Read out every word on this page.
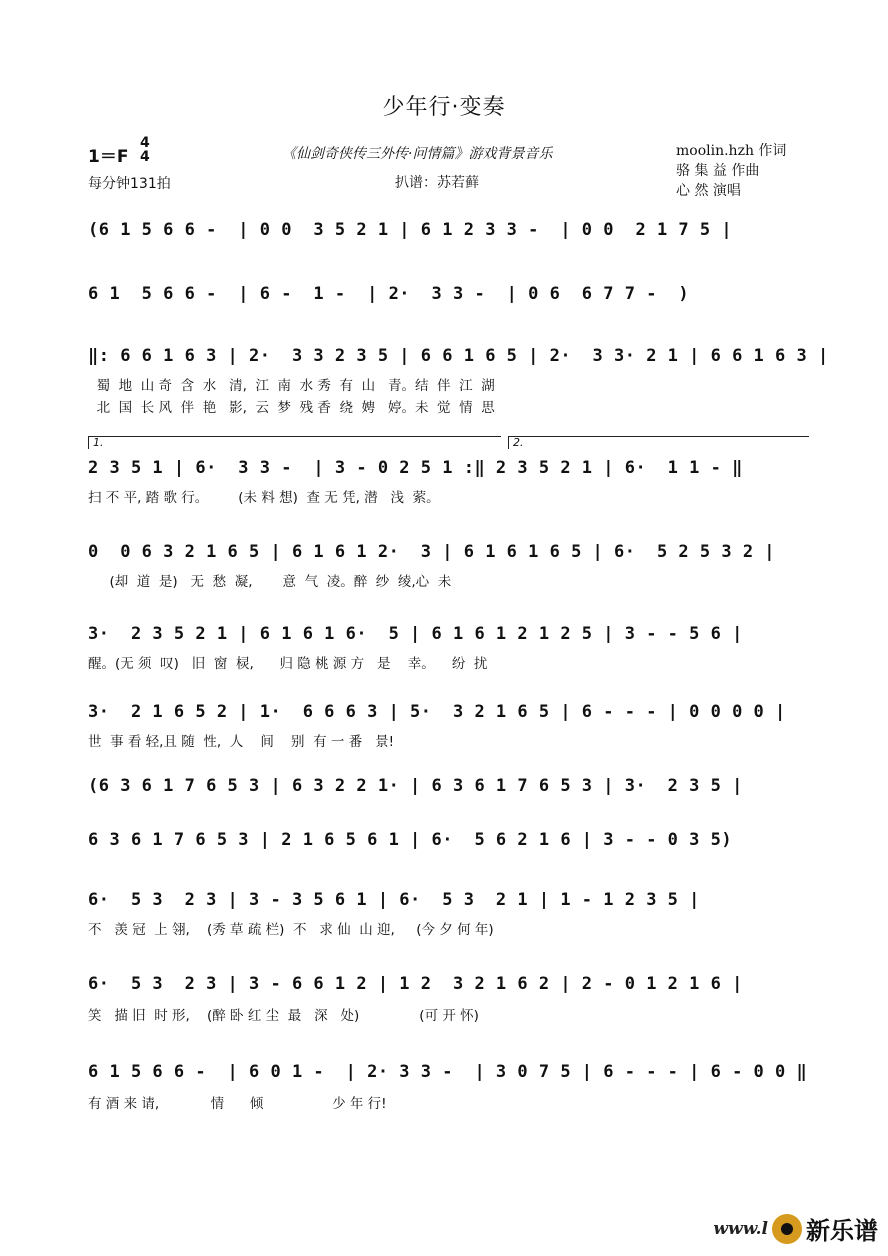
少年行·变奏
1＝F
4
4
每分钟131拍
《仙剑奇侠传三外传·问情篇》游戏背景音乐
扒谱：苏若藓
moolin.hzh 作词
骆 集 益 作曲
心 然 演唱
(6 1 5 6 6 -  | 0 0  3 5 2 1 | 6 1 2 3 3 -  | 0 0  2 1 7 5 |
6 1  5 6 6 -  | 6 -  1 -  | 2·  3 3 -  | 0 6  6 7 7 -  )
‖: 6 6 1 6 3 | 2·  3 3 2 3 5 | 6 6 1 6 5 | 2·  3 3· 2 1 | 6 6 1 6 3 |
蜀  地  山 奇  含  水   清,  江  南  水 秀  有  山   青。结  伴  江  湖
北  国  长 风  伴  艳   影,  云  梦  残 香  绕  娉   婷。未  觉  情  思
1.	2.
2 3 5 1 | 6·  3 3 -  | 3 - 0 2 5 1 :‖ 2 3 5 2 1 | 6·  1 1 - ‖
扫 不 平, 踏 歌 行。       (未 料 想)  查 无 凭, 潜   浅  萦。
0  0 6 3 2 1 6 5 | 6 1 6 1 2·  3 | 6 1 6 1 6 5 | 6·  5 2 5 3 2 |
(却  道  是)   无  愁  凝,       意  气  凌。醉  纱  绫,心  未
3·  2 3 5 2 1 | 6 1 6 1 6·  5 | 6 1 6 1 2 1 2 5 | 3 - - 5 6 |
醒。(无 须  叹)   旧  窗  棂,      归 隐 桃 源 方   是    幸。    纷  扰
3·  2 1 6 5 2 | 1·  6 6 6 3 | 5·  3 2 1 6 5 | 6 - - - | 0 0 0 0 |
世  事 看 轻,且 随  性,  人    间    别  有 一 番   景!
(6 3 6 1 7 6 5 3 | 6 3 2 2 1· | 6 3 6 1 7 6 5 3 | 3·  2 3 5 |
6 3 6 1 7 6 5 3 | 2 1 6 5 6 1 | 6·  5 6 2 1 6 | 3 - - 0 3 5)
6·  5 3  2 3 | 3 - 3 5 6 1 | 6·  5 3  2 1 | 1 - 1 2 3 5 |
不   羡 冠  上 翎,    (秀 草 疏 栏)  不   求 仙  山 迎,     (今 夕 何 年)
6·  5 3  2 3 | 3 - 6 6 1 2 | 1 2  3 2 1 6 2 | 2 - 0 1 2 1 6 |
笑   描 旧  时 形,    (醉 卧 红 尘  最   深   处)              (可 开 怀)
6 1 5 6 6 -  | 6 0 1 -  | 2· 3 3 -  | 3 0 7 5 | 6 - - - | 6 - 0 0 ‖
有 酒 来 请,            情      倾                少 年 行!
www.l 新乐谱
